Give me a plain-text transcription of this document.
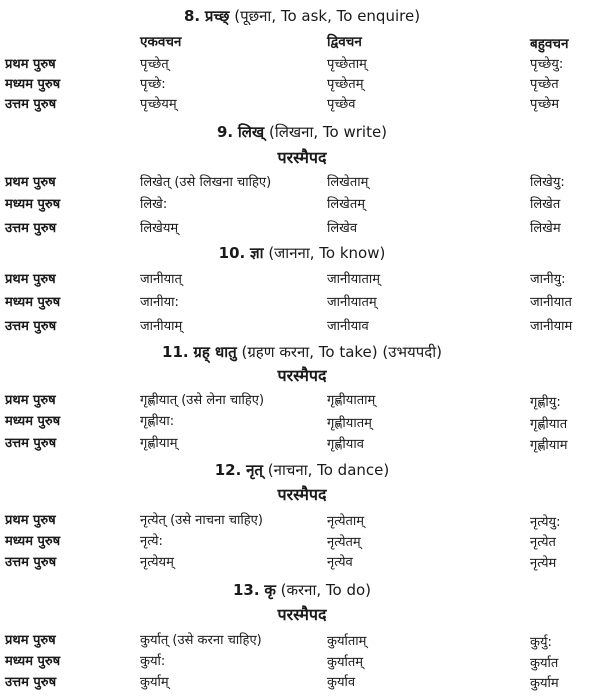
8. प्रच्छ् (पूछना, To ask, To enquire)
एकवचन	द्विवचन	बहुवचन
प्रथम पुरुष	पृच्छेत्	पृच्छेताम्	पृच्छेयु:
मध्यम पुरुष	पृच्छे:	पृच्छेतम्	पृच्छेत
उत्तम पुरुष	पृच्छेयम्	पृच्छेव	पृच्छेम
9. लिख् (लिखना, To write)
परस्मैपद
प्रथम पुरुष	लिखेत् (उसे लिखना चाहिए)	लिखेताम्	लिखेयु:
मध्यम पुरुष	लिखे:	लिखेतम्	लिखेत
उत्तम पुरुष	लिखेयम्	लिखेव	लिखेम
10. ज्ञा (जानना, To know)
प्रथम पुरुष	जानीयात्	जानीयाताम्	जानीयु:
मध्यम पुरुष	जानीया:	जानीयातम्	जानीयात
उत्तम पुरुष	जानीयाम्	जानीयाव	जानीयाम
11. ग्रह् धातु (ग्रहण करना, To take) (उभयपदी)
परस्मैपद
प्रथम पुरुष	गृह्णीयात् (उसे लेना चाहिए)	गृह्णीयाताम्	गृह्णीयु:
मध्यम पुरुष	गृह्णीया:	गृह्णीयातम्	गृह्णीयात
उत्तम पुरुष	गृह्णीयाम्	गृह्णीयाव	गृह्णीयाम
12. नृत् (नाचना, To dance)
परस्मैपद
प्रथम पुरुष	नृत्येत् (उसे नाचना चाहिए)	नृत्येताम्	नृत्येयु:
मध्यम पुरुष	नृत्ये:	नृत्येतम्	नृत्येत
उत्तम पुरुष	नृत्येयम्	नृत्येव	नृत्येम
13. कृ (करना, To do)
परस्मैपद
प्रथम पुरुष	कुर्यात् (उसे करना चाहिए)	कुर्याताम्	कुर्यु:
मध्यम पुरुष	कुर्या:	कुर्यातम्	कुर्यात
उत्तम पुरुष	कुर्याम्	कुर्याव	कुर्याम
